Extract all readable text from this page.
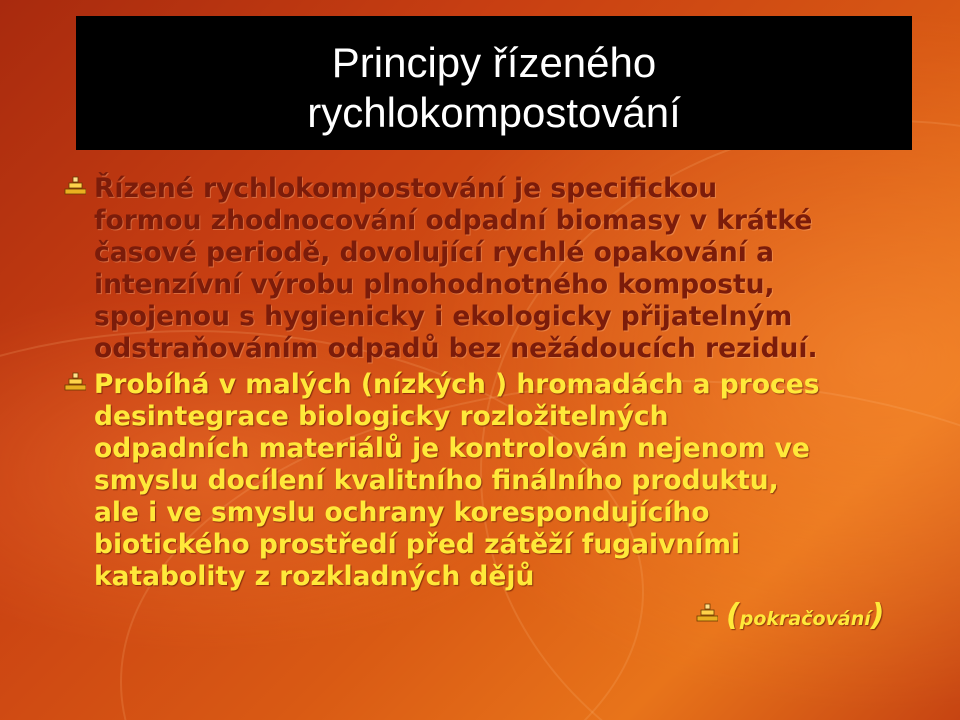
Principy řízeného
rychlokompostování
Řízené rychlokompostování je specifickou
formou zhodnocování odpadní biomasy v krátké
časové periodě, dovolující rychlé opakování a
intenzívní výrobu plnohodnotného kompostu,
spojenou s hygienicky i ekologicky přijatelným
odstraňováním odpadů bez nežádoucích reziduí.
Probíhá v malých (nízkých ) hromadách a proces
desintegrace biologicky rozložitelných
odpadních materiálů je kontrolován nejenom ve
smyslu docílení kvalitního finálního produktu,
ale i ve smyslu ochrany korespondujícího
biotického prostředí před zátěží fugaivními
katabolity z rozkladných dějů
(pokračování)
